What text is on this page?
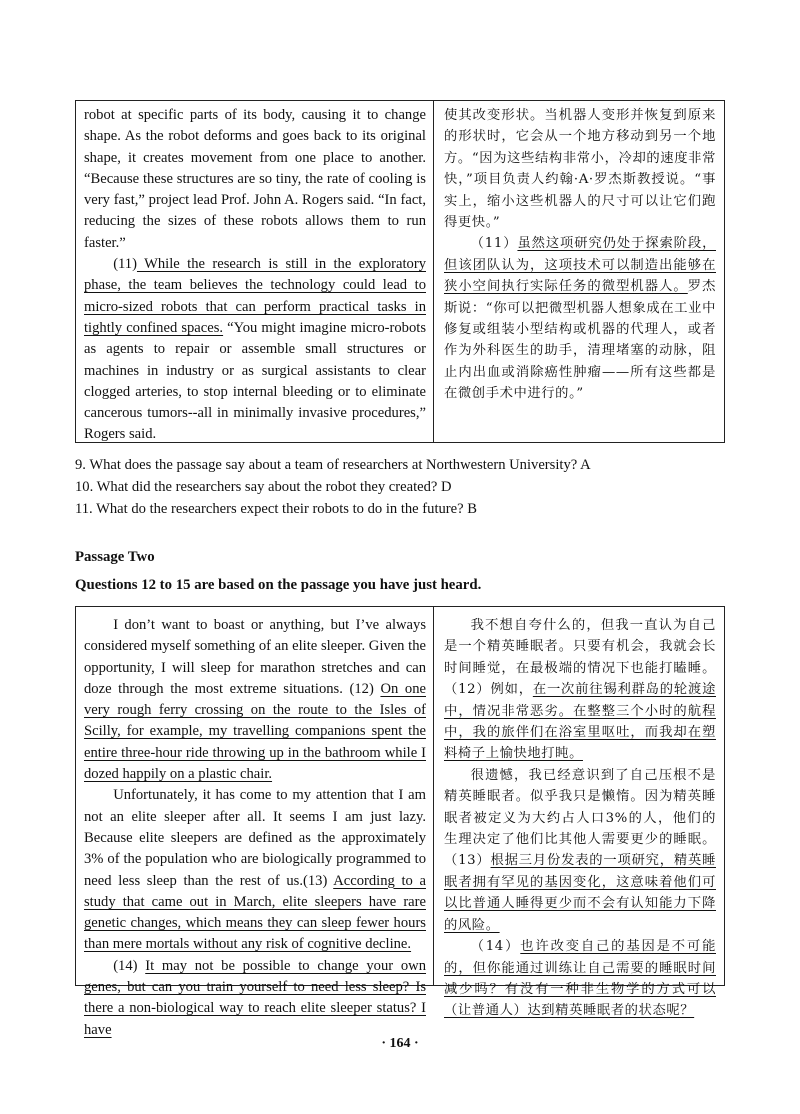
robot at specific parts of its body, causing it to change shape. As the robot deforms and goes back to its original shape, it creates movement from one place to another. “Because these structures are so tiny, the rate of cooling is very fast,” project lead Prof. John A. Rogers said. “In fact, reducing the sizes of these robots allows them to run faster.”

(11) While the research is still in the exploratory phase, the team believes the technology could lead to micro-sized robots that can perform practical tasks in tightly confined spaces. “You might imagine micro-robots as agents to repair or assemble small structures or machines in industry or as surgical assistants to clear clogged arteries, to stop internal bleeding or to eliminate cancerous tumors--all in minimally invasive procedures,” Rogers said.

使其改变形状。当机器人变形并恢复到原来的形状时，它会从一个地方移动到另一个地方。“因为这些结构非常小，冷却的速度非常快，”项目负责人约翰·A·罗杰斯教授说。“事实上，缩小这些机器人的尺寸可以让它们跑得更快。”

（11）虽然这项研究仍处于探索阶段，但该团队认为，这项技术可以制造出能够在狭小空间执行实际任务的微型机器人。罗杰斯说：“你可以把微型机器人想象成在工业中修复或组装小型结构或机器的代理人，或者作为外科医生的助手，清理堵塞的动脉，阻止内出血或消除癌性肿瘤——所有这些都是在微创手术中进行的。”

9. What does the passage say about a team of researchers at Northwestern University? A
10. What did the researchers say about the robot they created? D
11. What do the researchers expect their robots to do in the future? B
Passage Two
Questions 12 to 15 are based on the passage you have just heard.

I don’t want to boast or anything, but I’ve always considered myself something of an elite sleeper. Given the opportunity, I will sleep for marathon stretches and can doze through the most extreme situations. (12) On one very rough ferry crossing on the route to the Isles of Scilly, for example, my travelling companions spent the entire three-hour ride throwing up in the bathroom while I dozed happily on a plastic chair.

Unfortunately, it has come to my attention that I am not an elite sleeper after all. It seems I am just lazy. Because elite sleepers are defined as the approximately 3% of the population who are biologically programmed to need less sleep than the rest of us.(13) According to a study that came out in March, elite sleepers have rare genetic changes, which means they can sleep fewer hours than mere mortals without any risk of cognitive decline.

(14) It may not be possible to change your own genes, but can you train yourself to need less sleep? Is there a non-biological way to reach elite sleeper status? I have

我不想自夸什么的，但我一直认为自己是一个精英睡眠者。只要有机会，我就会长时间睡觉，在最极端的情况下也能打瞌睡。（12）例如，在一次前往锡利群岛的轮渡途中，情况非常恶劣。在整整三个小时的航程中，我的旅伴们在浴室里呕吐，而我却在塑料椅子上愉快地打盹。

很遗憾，我已经意识到了自己压根不是精英睡眠者。似乎我只是懒惰。因为精英睡眠者被定义为大约占人口3%的人，他们的生理决定了他们比其他人需要更少的睡眠。（13）根据三月份发表的一项研究，精英睡眠者拥有罕见的基因变化，这意味着他们可以比普通人睡得更少而不会有认知能力下降的风险。

（14）也许改变自己的基因是不可能的，但你能通过训练让自己需要的睡眠时间减少吗？有没有一种非生物学的方式可以（让普通人）达到精英睡眠者的状态呢？

· 164 ·
